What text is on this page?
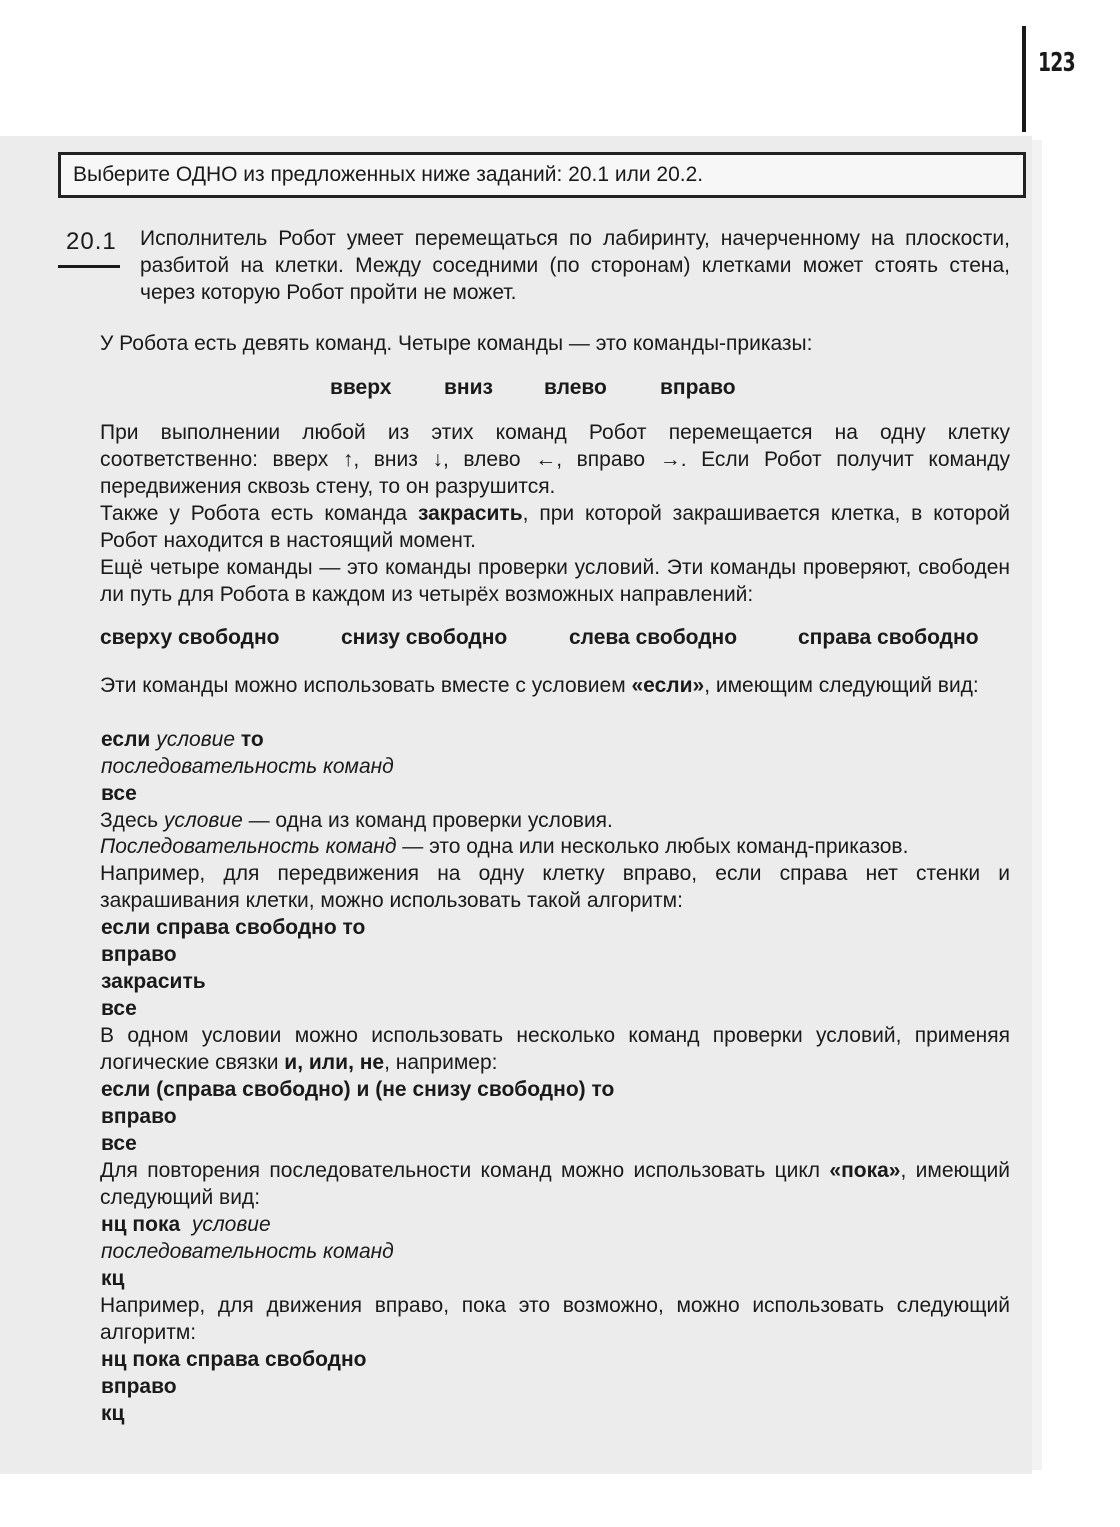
123
Выберите ОДНО из предложенных ниже заданий: 20.1 или 20.2.
20.1 Исполнитель Робот умеет перемещаться по лабиринту, начерченному на плоскости, разбитой на клетки. Между соседними (по сторонам) клетками может стоять стена, через которую Робот пройти не может.

У Робота есть девять команд. Четыре команды — это команды-приказы:

вверх	вниз влево	вправо

При выполнении любой из этих команд Робот перемещается на одну клетку соответственно: вверх ↑, вниз ↓, влево ←, вправо →. Если Робот получит команду передвижения сквозь стену, то он разрушится.

Также у Робота есть команда закрасить, при которой закрашивается клетка, в которой Робот находится в настоящий момент.

Ещё четыре команды — это команды проверки условий. Эти команды проверяют, свободен ли путь для Робота в каждом из четырёх возможных направлений:

сверху свободно	снизу свободно	слева свободно	справа свободно

Эти команды можно использовать вместе с условием «если», имеющим следующий вид:

если условие то
последовательность команд
все

Здесь условие — одна из команд проверки условия.

Последовательность команд — это одна или несколько любых команд-приказов.

Например, для передвижения на одну клетку вправо, если справа нет стенки и закрашивания клетки, можно использовать такой алгоритм:

если справа свободно то
вправо
закрасить
все

В одном условии можно использовать несколько команд проверки условий, применяя логические связки и, или, не, например:

если (справа свободно) и (не снизу свободно) то
вправо
все

Для повторения последовательности команд можно использовать цикл «пока», имеющий следующий вид:

нц пока условие
последовательность команд
кц

Например, для движения вправо, пока это возможно, можно использовать следующий алгоритм:

нц пока справа свободно
вправо
кц
